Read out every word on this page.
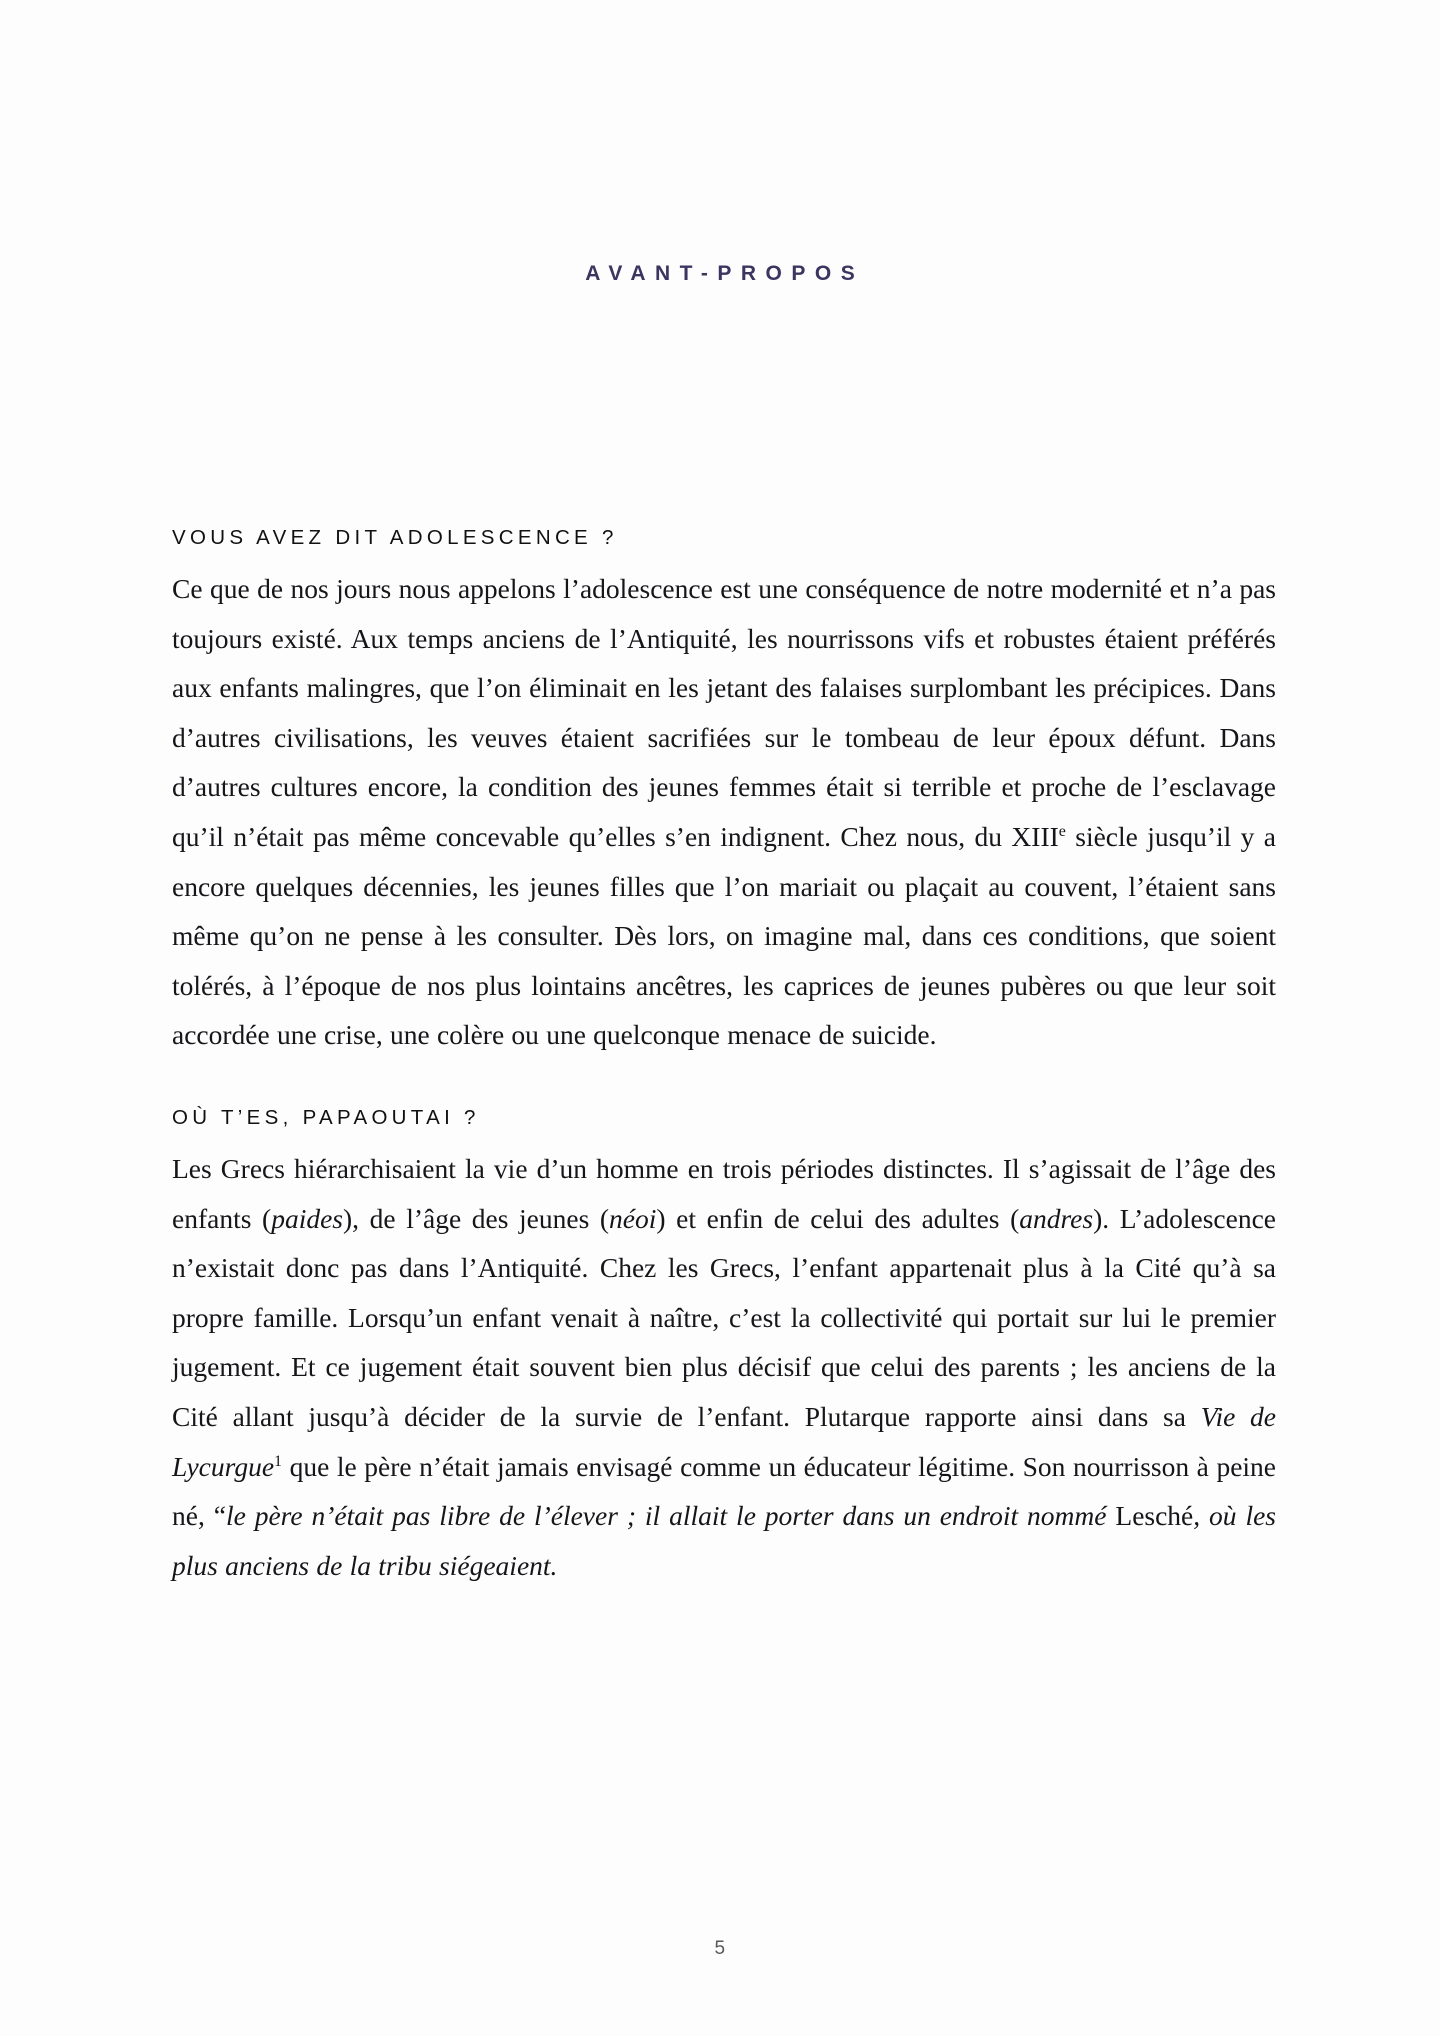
AVANT-PROPOS
VOUS AVEZ DIT ADOLESCENCE ?

Ce que de nos jours nous appelons l’adolescence est une conséquence de notre modernité et n’a pas toujours existé. Aux temps anciens de l’Antiquité, les nourrissons vifs et robustes étaient préférés aux enfants malingres, que l’on éliminait en les jetant des falaises surplombant les précipices. Dans d’autres civilisations, les veuves étaient sacrifiées sur le tombeau de leur époux défunt. Dans d’autres cultures encore, la condition des jeunes femmes était si terrible et proche de l’esclavage qu’il n’était pas même concevable qu’elles s’en indignent. Chez nous, du XIIIe siècle jusqu’il y a encore quelques décennies, les jeunes filles que l’on mariait ou plaçait au couvent, l’étaient sans même qu’on ne pense à les consulter. Dès lors, on imagine mal, dans ces conditions, que soient tolérés, à l’époque de nos plus lointains ancêtres, les caprices de jeunes pubères ou que leur soit accordée une crise, une colère ou une quelconque menace de suicide.

OÙ T’ES, PAPAOUTAI ?

Les Grecs hiérarchisaient la vie d’un homme en trois périodes distinctes. Il s’agissait de l’âge des enfants (paides), de l’âge des jeunes (néoi) et enfin de celui des adultes (andres). L’adolescence n’existait donc pas dans l’Antiquité. Chez les Grecs, l’enfant appartenait plus à la Cité qu’à sa propre famille. Lorsqu’un enfant venait à naître, c’est la collectivité qui portait sur lui le premier jugement. Et ce jugement était souvent bien plus décisif que celui des parents ; les anciens de la Cité allant jusqu’à décider de la survie de l’enfant. Plutarque rapporte ainsi dans sa Vie de Lycurgue$^1$ que le père n’était jamais envisagé comme un éducateur légitime. Son nourrisson à peine né, “le père n’était pas libre de l’élever ; il allait le porter dans un endroit nommé Lesché, où les plus anciens de la tribu siégeaient.

5
